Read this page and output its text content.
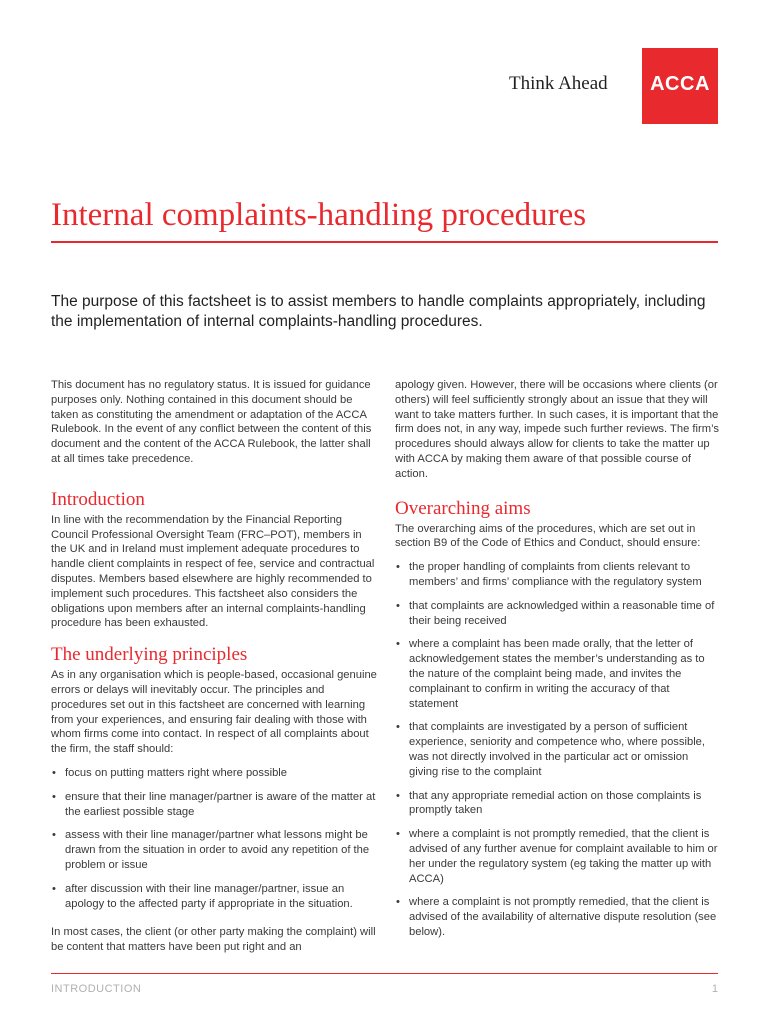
Think Ahead	ACCA
Internal complaints-handling procedures

The purpose of this factsheet is to assist members to handle complaints appropriately, including the implementation of internal complaints-handling procedures.

This document has no regulatory status. It is issued for guidance purposes only. Nothing contained in this document should be taken as constituting the amendment or adaptation of the ACCA Rulebook. In the event of any conflict between the content of this document and the content of the ACCA Rulebook, the latter shall at all times take precedence.

Introduction

In line with the recommendation by the Financial Reporting Council Professional Oversight Team (FRC–POT), members in the UK and in Ireland must implement adequate procedures to handle client complaints in respect of fee, service and contractual disputes. Members based elsewhere are highly recommended to implement such procedures. This factsheet also considers the obligations upon members after an internal complaints-handling procedure has been exhausted.

The underlying principles

As in any organisation which is people-based, occasional genuine errors or delays will inevitably occur. The principles and procedures set out in this factsheet are concerned with learning from your experiences, and ensuring fair dealing with those with whom firms come into contact. In respect of all complaints about the firm, the staff should:

• focus on putting matters right where possible
• ensure that their line manager/partner is aware of the matter at the earliest possible stage
• assess with their line manager/partner what lessons might be drawn from the situation in order to avoid any repetition of the problem or issue
• after discussion with their line manager/partner, issue an apology to the affected party if appropriate in the situation.

In most cases, the client (or other party making the complaint) will be content that matters have been put right and an

apology given. However, there will be occasions where clients (or others) will feel sufficiently strongly about an issue that they will want to take matters further. In such cases, it is important that the firm does not, in any way, impede such further reviews. The firm’s procedures should always allow for clients to take the matter up with ACCA by making them aware of that possible course of action.

Overarching aims

The overarching aims of the procedures, which are set out in section B9 of the Code of Ethics and Conduct, should ensure:

• the proper handling of complaints from clients relevant to members’ and firms’ compliance with the regulatory system
• that complaints are acknowledged within a reasonable time of their being received
• where a complaint has been made orally, that the letter of acknowledgement states the member’s understanding as to the nature of the complaint being made, and invites the complainant to confirm in writing the accuracy of that statement
• that complaints are investigated by a person of sufficient experience, seniority and competence who, where possible, was not directly involved in the particular act or omission giving rise to the complaint
• that any appropriate remedial action on those complaints is promptly taken
• where a complaint is not promptly remedied, that the client is advised of any further avenue for complaint available to him or her under the regulatory system (eg taking the matter up with ACCA)
• where a complaint is not promptly remedied, that the client is advised of the availability of alternative dispute resolution (see below).
INTRODUCTION	1
